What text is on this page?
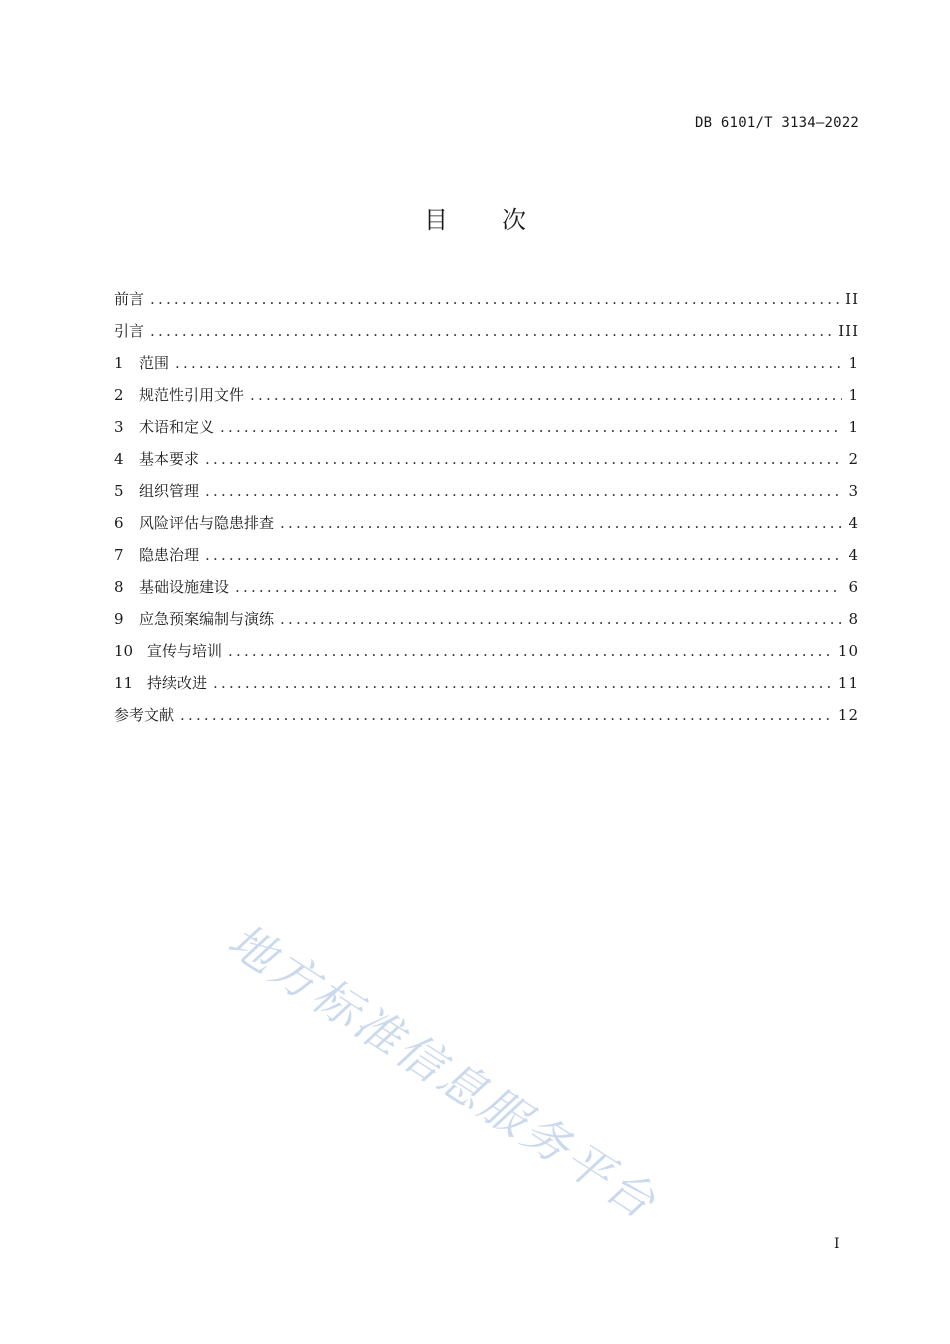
DB 6101/T 3134—2022
目 次
前言 .....	II
引言 .....	III
1	范围 .....	1
2	规范性引用文件 .....	1
3	术语和定义 .....	1
4	基本要求 .....	2
5	组织管理 .....	3
6	风险评估与隐患排查 .....	4
7	隐患治理 .....	4
8	基础设施建设 .....	6
9	应急预案编制与演练 .....	8
10 宣传与培训 .....	10
11 持续改进 .....	11
参考文献 .....	12
地方标准信息服务平台
I
